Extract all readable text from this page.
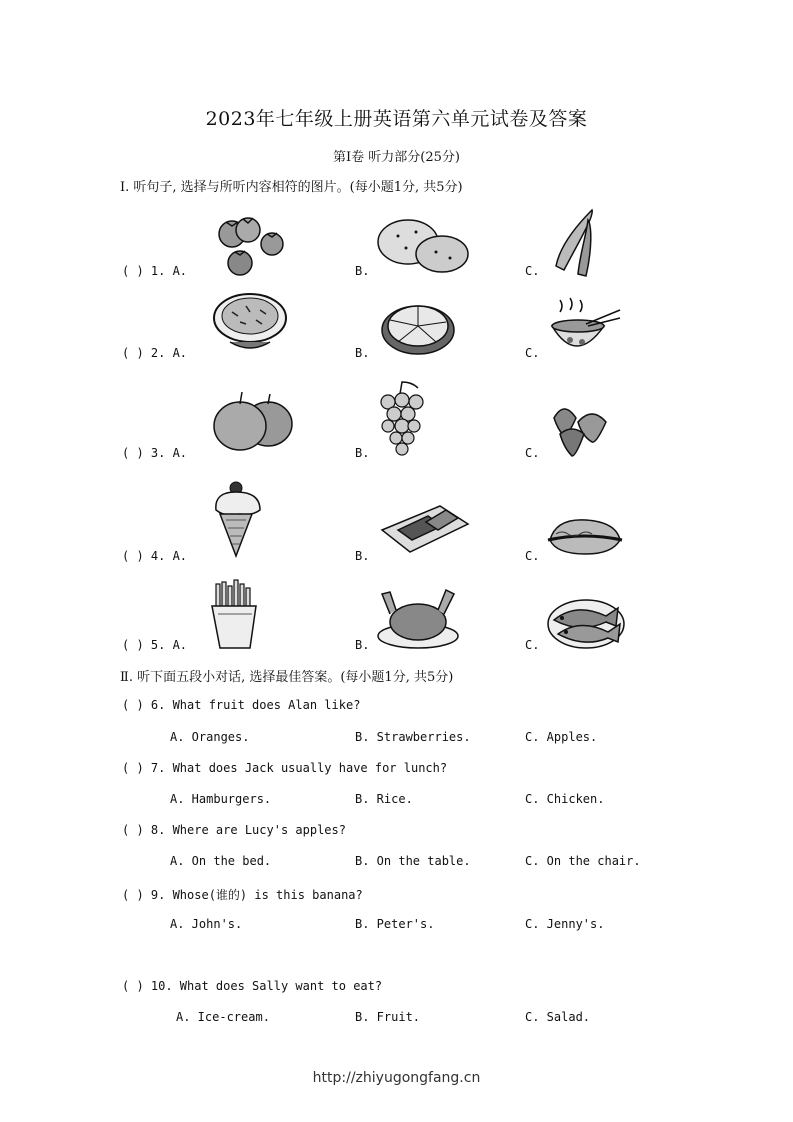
2023年七年级上册英语第六单元试卷及答案
第Ⅰ卷 听力部分(25分)
Ⅰ. 听句子, 选择与所听内容相符的图片。(每小题1分, 共5分)
( ) 1. A.	B.	C.
( ) 2. A.	B.	C.
( ) 3. A.	B.	C.
( ) 4. A.	B.	C.
( ) 5. A.	B.	C.
Ⅱ. 听下面五段小对话, 选择最佳答案。(每小题1分, 共5分)
( ) 6. What fruit does Alan like?
A. Oranges.	B. Strawberries.	C. Apples.
( ) 7. What does Jack usually have for lunch?
A. Hamburgers.	B. Rice.	C. Chicken.
( ) 8. Where are Lucy's apples?
A. On the bed.	B. On the table.	C. On the chair.
( ) 9. Whose(谁的) is this banana?
A. John's.	B. Peter's.	C. Jenny's.
( ) 10. What does Sally want to eat?
A. Ice-cream.	B. Fruit.	C. Salad.
http://zhiyugongfang.cn
